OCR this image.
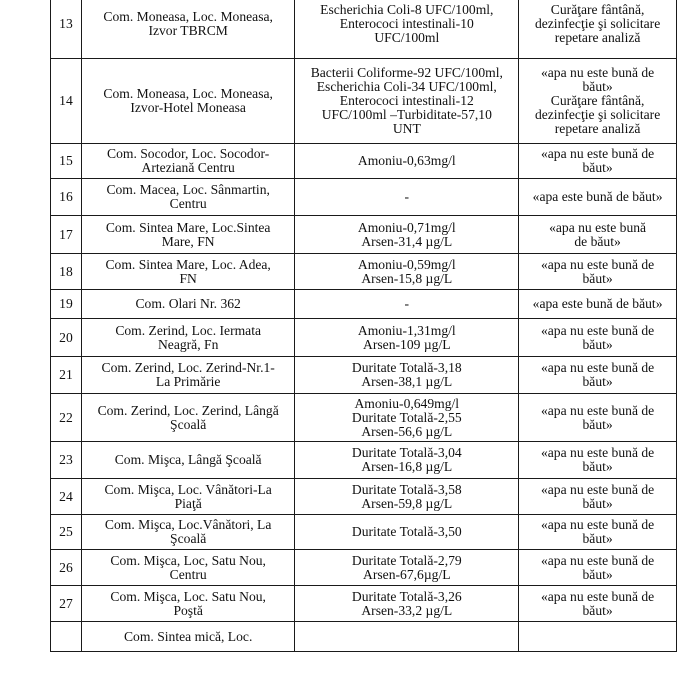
13	Com. Moneasa, Loc. Moneasa,
Izvor TBRCM	Escherichia Coli-8 UFC/100ml,
Enterococi intestinali-10
UFC/100ml	Curăţare fântână,
dezinfecţie şi solicitare
repetare analiză

14	Com. Moneasa, Loc. Moneasa,
Izvor-Hotel Moneasa	Bacterii Coliforme-92 UFC/100ml,
Escherichia Coli-34 UFC/100ml,
Enterococi intestinali-12
UFC/100ml –Turbiditate-57,10
UNT	«apa nu este bună de
băut»
Curăţare fântână,
dezinfecţie şi solicitare
repetare analiză

15	Com. Socodor, Loc. Socodor-
Arteziană Centru	Amoniu-0,63mg/l	«apa nu este bună de
băut»

16	Com. Macea, Loc. Sânmartin,
Centru	-	«apa este bună de băut»

17	Com. Sintea Mare, Loc.Sintea
Mare, FN	Amoniu-0,71mg/l
Arsen-31,4 µg/L	«apa nu este bună
de băut»

18	Com. Sintea Mare, Loc. Adea,
FN	Amoniu-0,59mg/l
Arsen-15,8 µg/L	«apa nu este bună de
băut»

19	Com. Olari Nr. 362	-	«apa este bună de băut»

20	Com. Zerind, Loc. Iermata
Neagră, Fn	Amoniu-1,31mg/l
Arsen-109 µg/L	«apa nu este bună de
băut»

21	Com. Zerind, Loc. Zerind-Nr.1-
La Primărie	Duritate Totală-3,18
Arsen-38,1 µg/L	«apa nu este bună de
băut»

22	Com. Zerind, Loc. Zerind, Lângă
Şcoală	Amoniu-0,649mg/l
Duritate Totală-2,55
Arsen-56,6 µg/L	«apa nu este bună de
băut»

23	Com. Mişca, Lângă Şcoală	Duritate Totală-3,04
Arsen-16,8 µg/L	«apa nu este bună de
băut»

24	Com. Mişca, Loc. Vânători-La
Piaţă	Duritate Totală-3,58
Arsen-59,8 µg/L	«apa nu este bună de
băut»

25	Com. Mişca, Loc.Vânători, La
Şcoală	Duritate Totală-3,50	«apa nu este bună de
băut»

26	Com. Mişca, Loc, Satu Nou,
Centru	Duritate Totală-2,79
Arsen-67,6µg/L	«apa nu este bună de
băut»

27	Com. Mişca, Loc. Satu Nou,
Poştă	Duritate Totală-3,26
Arsen-33,2 µg/L	«apa nu este bună de
băut»

	Com. Sintea mică, Loc.		
